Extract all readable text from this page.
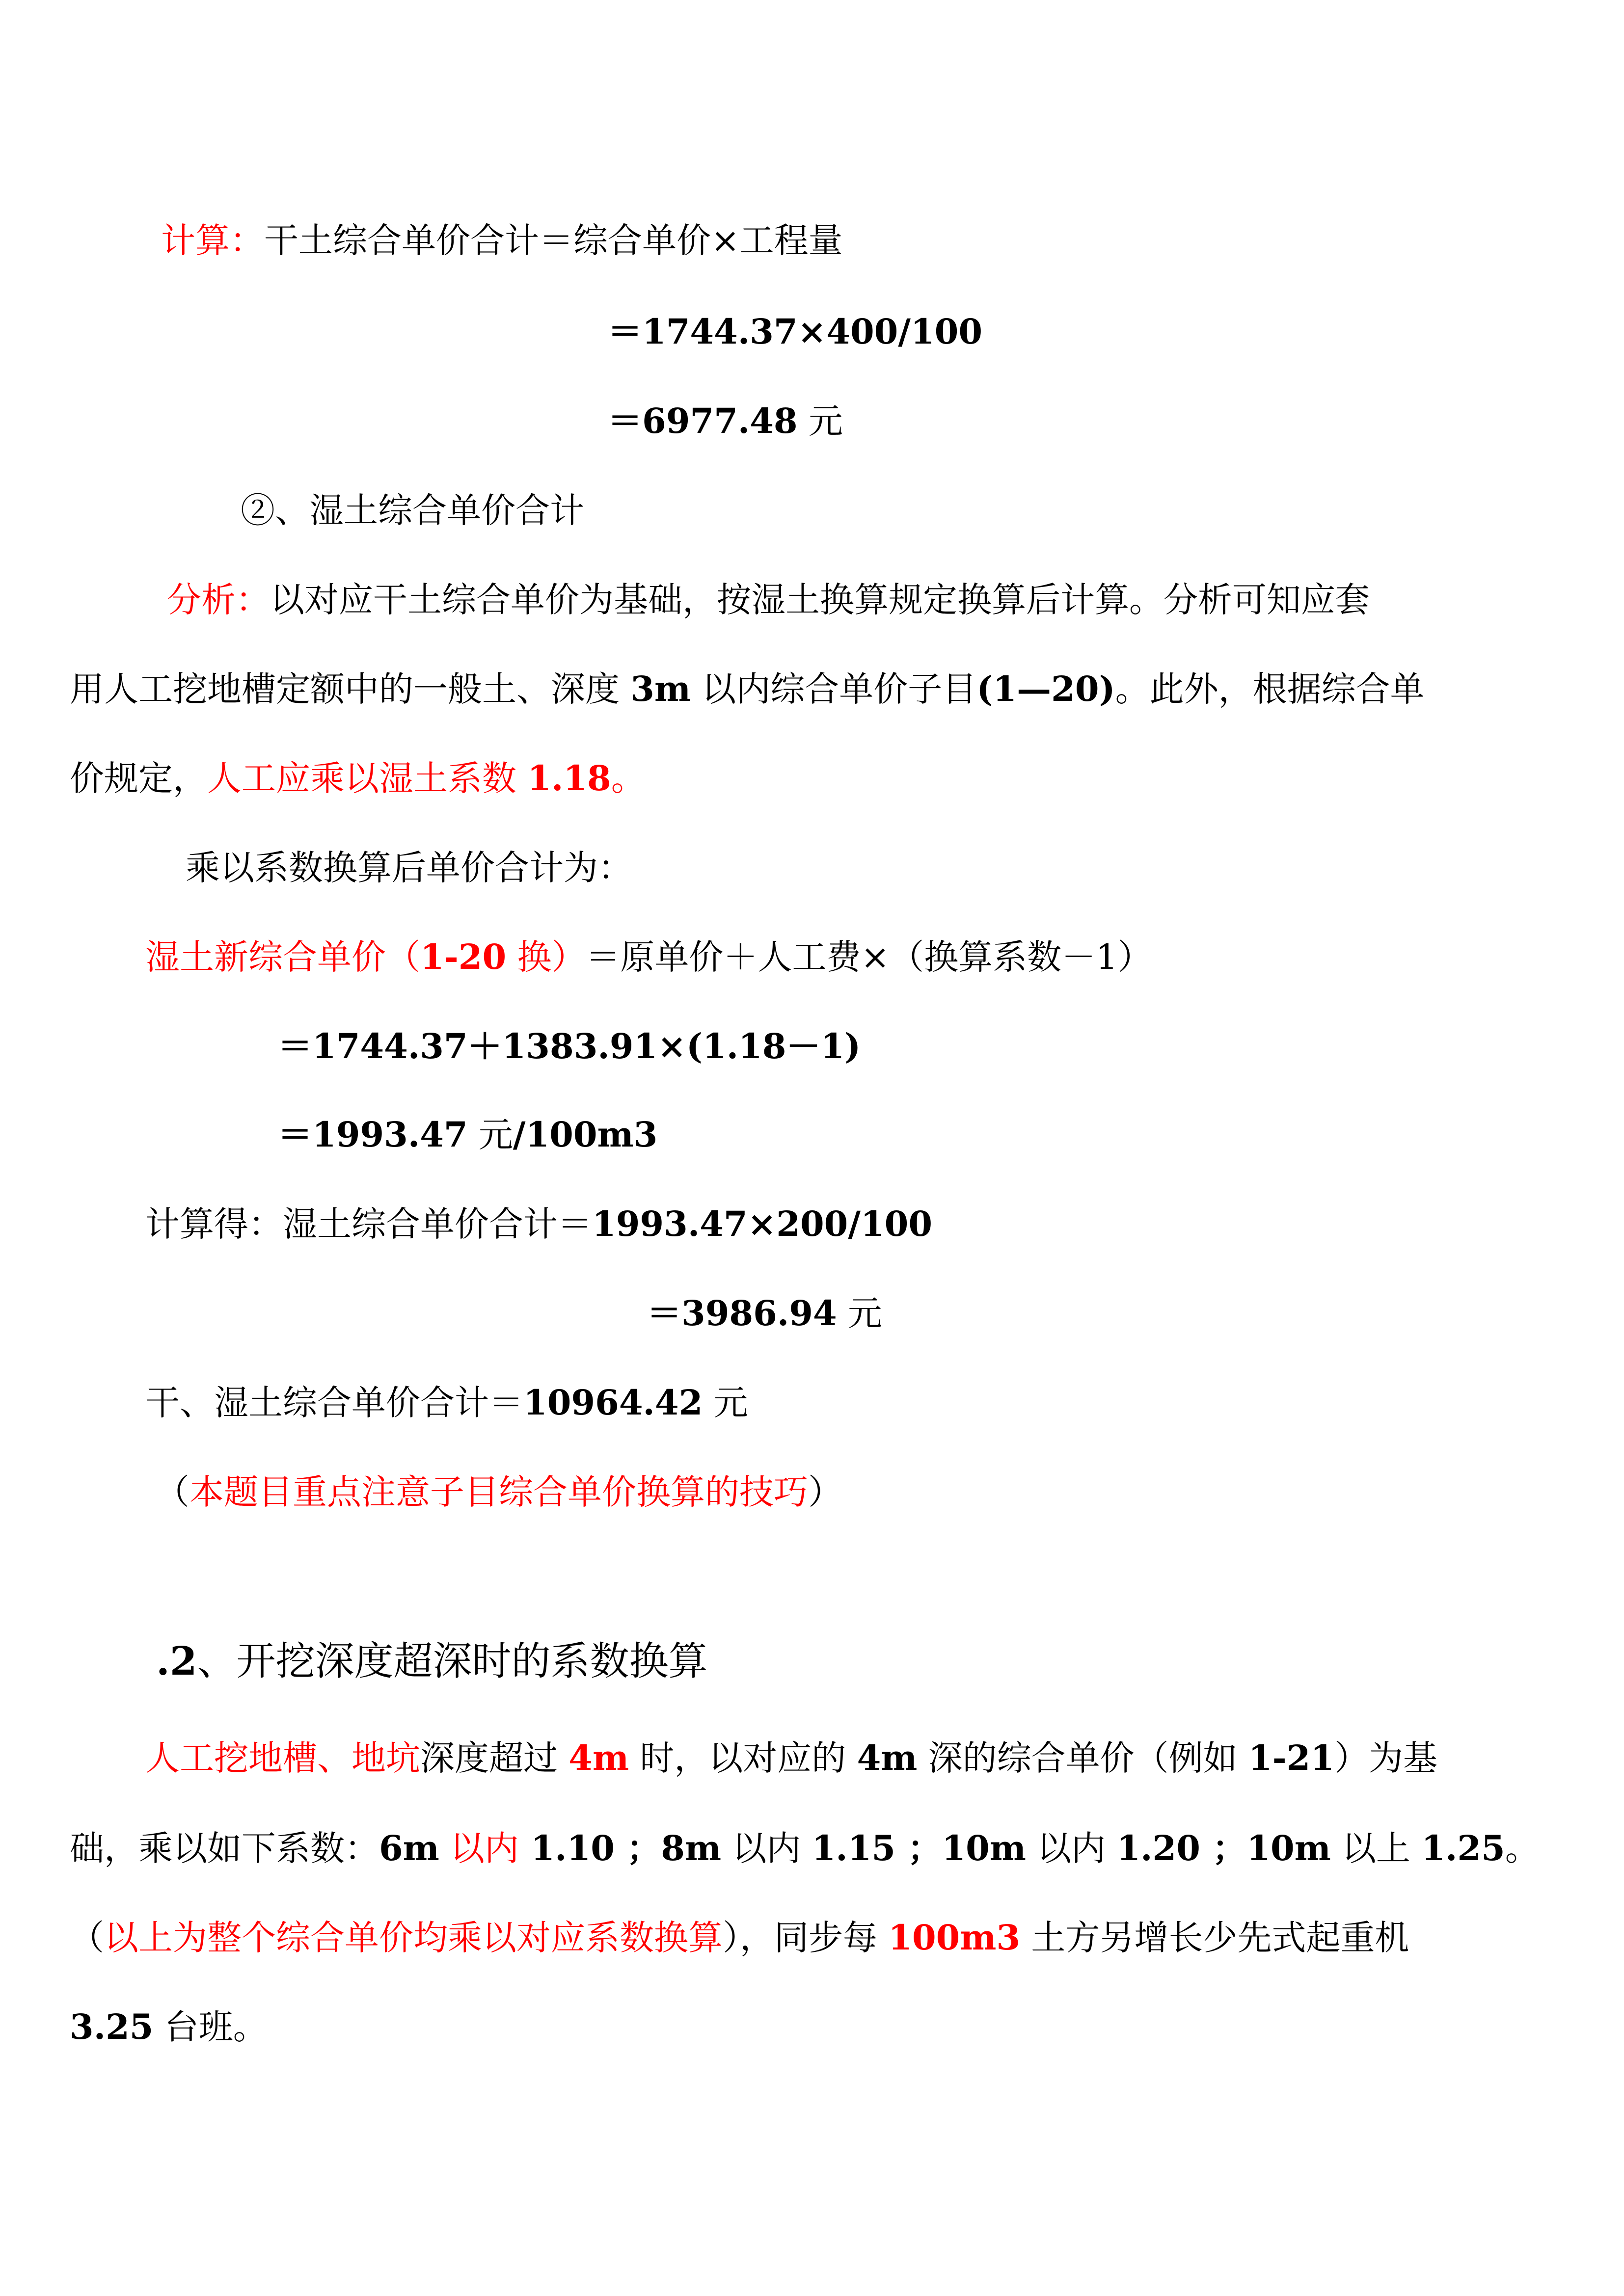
计算：干土综合单价合计＝综合单价×工程量
＝1744.37×400/100
＝6977.48 元
②、湿土综合单价合计
分析：以对应干土综合单价为基础，按湿土换算规定换算后计算。分析可知应套
用人工挖地槽定额中的一般土、深度 3m 以内综合单价子目(1—20)。此外，根据综合单
价规定，人工应乘以湿土系数 1.18。
乘以系数换算后单价合计为：
湿土新综合单价（1-20 换）＝原单价＋人工费×（换算系数－1）
＝1744.37＋1383.91×(1.18－1)
＝1993.47 元/100m3
计算得：湿土综合单价合计＝1993.47×200/100
＝3986.94 元
干、湿土综合单价合计＝10964.42 元
（本题目重点注意子目综合单价换算的技巧）
.2、开挖深度超深时的系数换算
人工挖地槽、地坑深度超过 4m 时，以对应的 4m 深的综合单价（例如 1-21）为基
础，乘以如下系数：6m 以内 1.10 ；8m 以内 1.15 ；10m 以内 1.20 ；10m 以上 1.25。
（以上为整个综合单价均乘以对应系数换算），同步每 100m3 土方另增长少先式起重机
3.25 台班。
